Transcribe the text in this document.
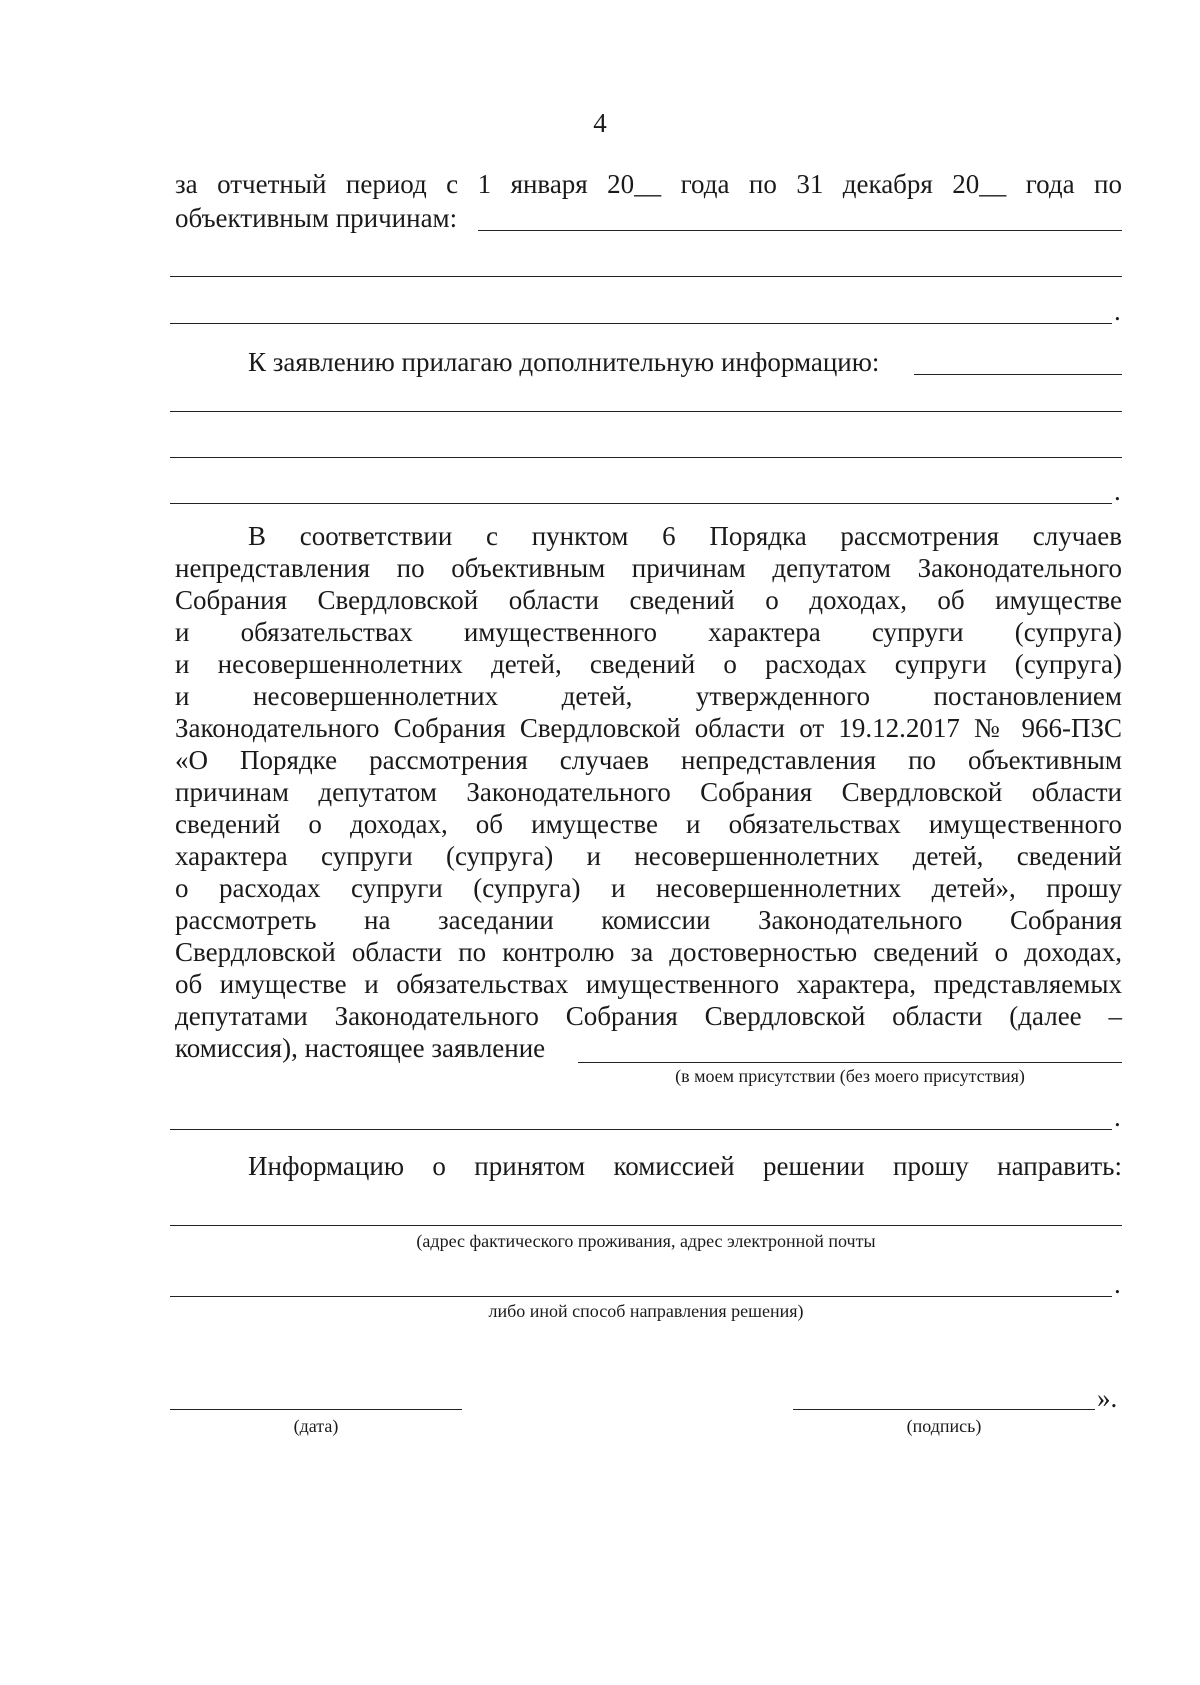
4
за отчетный период с 1 января 20__ года по 31 декабря 20__ года по
объективным причинам:
.
К заявлению прилагаю дополнительную информацию:
.
В соответствии с пунктом 6 Порядка рассмотрения случаев
непредставления по объективным причинам депутатом Законодательного
Собрания Свердловской области сведений о доходах, об имуществе
и обязательствах имущественного характера супруги (супруга)
и несовершеннолетних детей, сведений о расходах супруги (супруга)
и несовершеннолетних детей, утвержденного постановлением
Законодательного Собрания Свердловской области от 19.12.2017 № 966-ПЗС
«О Порядке рассмотрения случаев непредставления по объективным
причинам депутатом Законодательного Собрания Свердловской области
сведений о доходах, об имуществе и обязательствах имущественного
характера супруги (супруга) и несовершеннолетних детей, сведений
о расходах супруги (супруга) и несовершеннолетних детей», прошу
рассмотреть на заседании комиссии Законодательного Собрания
Свердловской области по контролю за достоверностью сведений о доходах,
об имуществе и обязательствах имущественного характера, представляемых
депутатами Законодательного Собрания Свердловской области (далее –
комиссия), настоящее заявление
(в моем присутствии (без моего присутствия)
.
Информацию о принятом комиссией решении прошу направить:
(адрес фактического проживания, адрес электронной почты
.
либо иной способ направления решения)
(дата)	(подпись)
».
